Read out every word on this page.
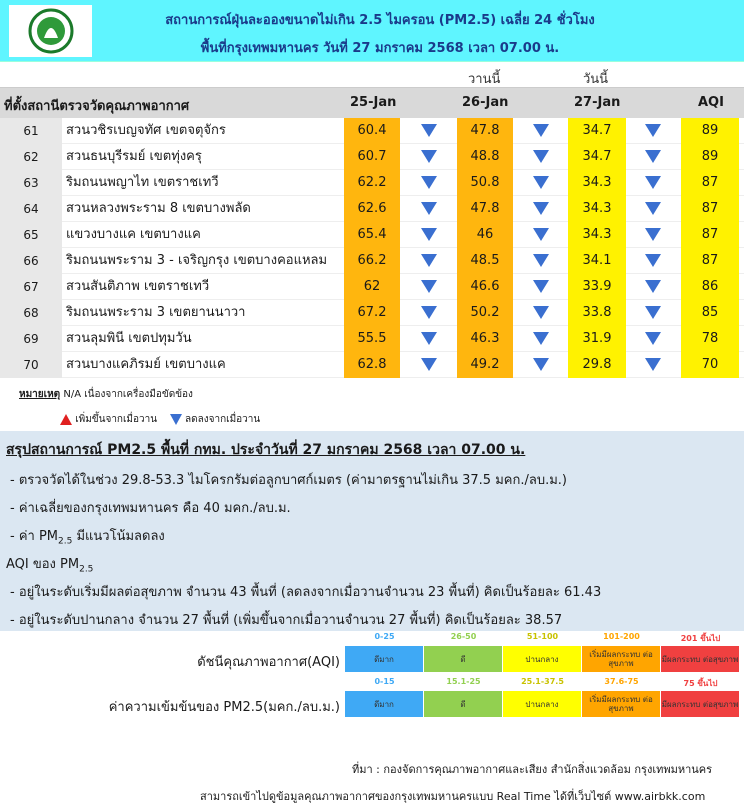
สถานการณ์ฝุ่นละอองขนาดไม่เกิน 2.5 ไมครอน (PM2.5) เฉลี่ย 24 ชั่วโมง
พื้นที่กรุงเทพมหานคร วันที่ 27 มกราคม 2568 เวลา 07.00 น.
วานนี้	วันนี้
ที่ตั้งสถานีตรวจวัดคุณภาพอากาศ	25-Jan	26-Jan	27-Jan	AQI
61	สวนวชิรเบญจทัศ เขตจตุจักร	60.4	47.8	34.7	89
62	สวนธนบุรีรมย์ เขตทุ่งครุ	60.7	48.8	34.7	89
63	ริมถนนพญาไท เขตราชเทวี	62.2	50.8	34.3	87
64	สวนหลวงพระราม 8 เขตบางพลัด	62.6	47.8	34.3	87
65	แขวงบางแค เขตบางแค	65.4	46	34.3	87
66	ริมถนนพระราม 3 - เจริญกรุง เขตบางคอแหลม	66.2	48.5	34.1	87
67	สวนสันติภาพ เขตราชเทวี	62	46.6	33.9	86
68	ริมถนนพระราม 3 เขตยานนาวา	67.2	50.2	33.8	85
69	สวนลุมพินี เขตปทุมวัน	55.5	46.3	31.9	78
70	สวนบางแคภิรมย์ เขตบางแค	62.8	49.2	29.8	70
หมายเหตุ N/A เนื่องจากเครื่องมือขัดข้อง
เพิ่มขึ้นจากเมื่อวาน	ลดลงจากเมื่อวาน
สรุปสถานการณ์ PM2.5 พื้นที่ กทม. ประจำวันที่ 27 มกราคม 2568 เวลา 07.00 น.
- ตรวจวัดได้ในช่วง 29.8-53.3 ไมโครกรัมต่อลูกบาศก์เมตร (ค่ามาตรฐานไม่เกิน 37.5 มคก./ลบ.ม.)
- ค่าเฉลี่ยของกรุงเทพมหานคร คือ 40 มคก./ลบ.ม.
- ค่า $PM_{2.5}$ มีแนวโน้มลดลง
AQI ของ $PM_{2.5}$
- อยู่ในระดับเริ่มมีผลต่อสุขภาพ จำนวน 43 พื้นที่ (ลดลงจากเมื่อวานจำนวน 23 พื้นที่) คิดเป็นร้อยละ 61.43
- อยู่ในระดับปานกลาง จำนวน 27 พื้นที่ (เพิ่มขึ้นจากเมื่อวานจำนวน 27 พื้นที่) คิดเป็นร้อยละ 38.57
ดัชนีคุณภาพอากาศ(AQI)
ค่าความเข้มข้นของ PM2.5(มคก./ลบ.ม.)
0-25
ดีมาก
26-50
ดี
51-100
ปานกลาง
101-200
เริ่มมีผลกระทบ ต่อสุขภาพ
201 ขึ้นไป
มีผลกระทบ ต่อสุขภาพ
0-15
ดีมาก
15.1-25
ดี
25.1-37.5
ปานกลาง
37.6-75
เริ่มมีผลกระทบ ต่อสุขภาพ
75 ขึ้นไป
มีผลกระทบ ต่อสุขภาพ
ที่มา : กองจัดการคุณภาพอากาศและเสียง สำนักสิ่งแวดล้อม กรุงเทพมหานคร
สามารถเข้าไปดูข้อมูลคุณภาพอากาศของกรุงเทพมหานครแบบ Real Time ได้ที่เว็บไซต์ www.airbkk.com
